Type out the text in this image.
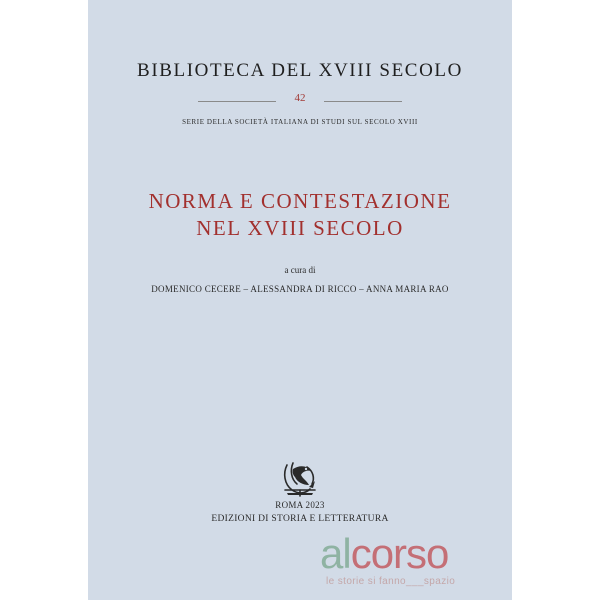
BIBLIOTECA DEL XVIII SECOLO
42
SERIE DELLA SOCIETÀ ITALIANA DI STUDI SUL SECOLO XVIII
NORMA E CONTESTAZIONE
NEL XVIII SECOLO
a cura di
DOMENICO CECERE – ALESSANDRA DI RICCO – ANNA MARIA RAO
ROMA 2023
EDIZIONI DI STORIA E LETTERATURA
alcorso
le storie si fanno___spazio
